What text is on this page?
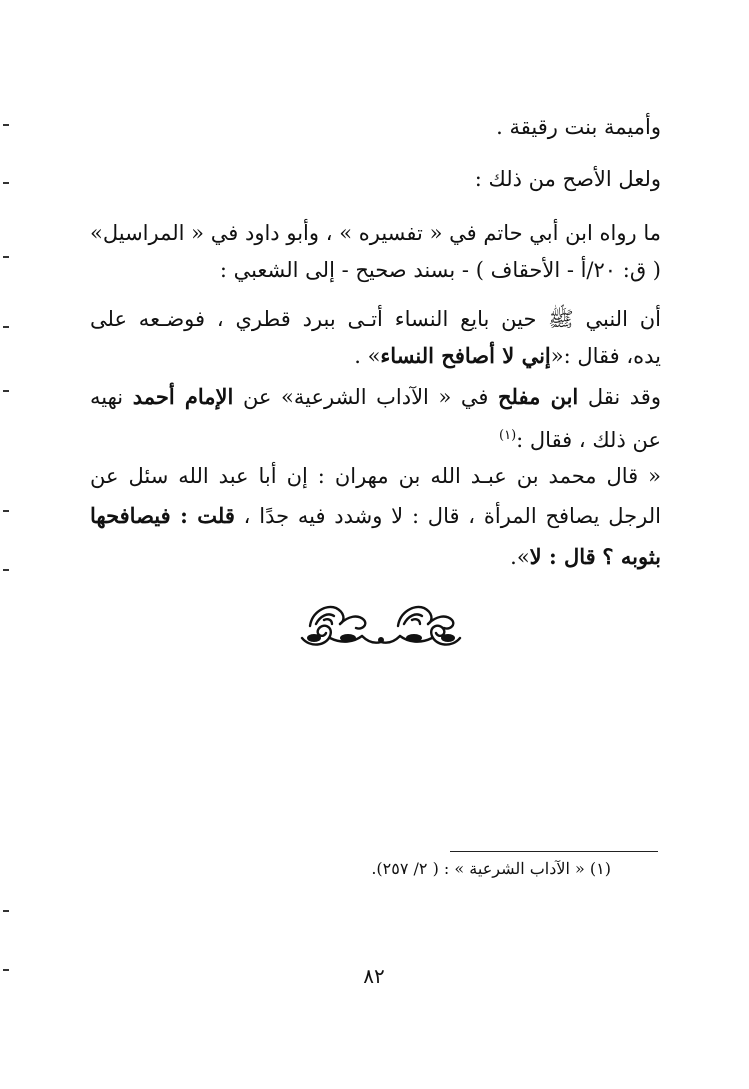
وأميمة بنت رقيقة .
ولعل الأصح من ذلك :
ما رواه ابن أبي حاتم في « تفسيره » ، وأبو داود في « المراسيل»
( ق: ٢٠/أ - الأحقاف ) - بسند صحيح - إلى الشعبي :
أن النبي ﷺ حين بايع النساء أتـى ببرد قطري ، فوضـعه على
يده، فقال :«إني لا أصافح النساء» .
وقد نقل ابن مفلح في « الآداب الشرعية» عن الإمام أحمد نهيه
عن ذلك ، فقال :$^{(١)}$
« قال محمد بن عبـد الله بن مهران : إن أبا عبد الله سئل عن
الرجل يصافح المرأة ، قال : لا وشدد فيه جدًا ، قلت : فيصافحها
بثوبه ؟ قال : لا».
(١) « الآداب الشرعية » : ( ٢/ ٢٥٧).
٨٢
